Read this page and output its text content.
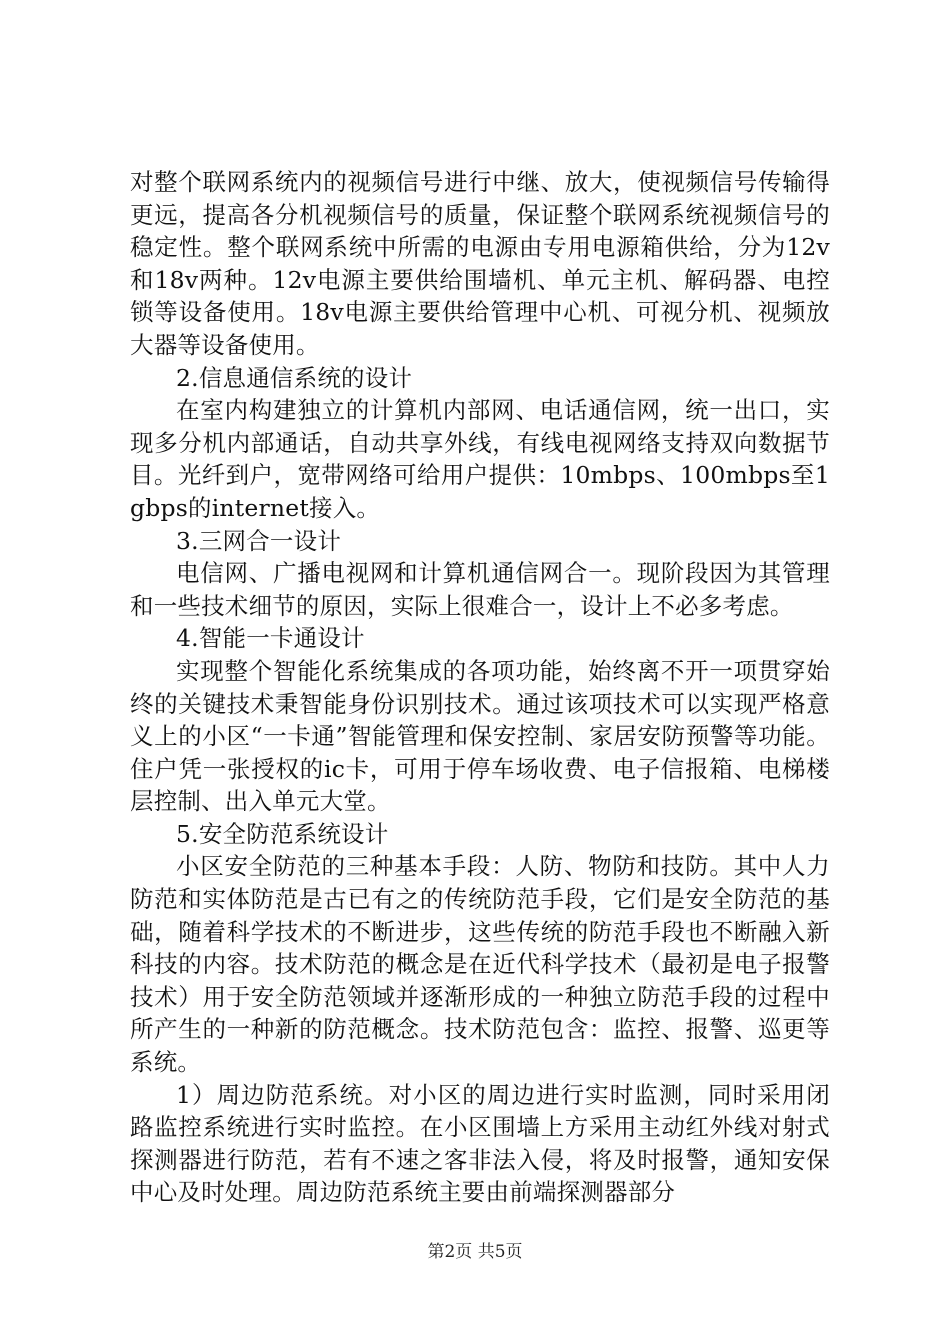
对整个联网系统内的视频信号进行中继、放大，使视频信号传输得更远，提高各分机视频信号的质量，保证整个联网系统视频信号的稳定性。整个联网系统中所需的电源由专用电源箱供给，分为12v和18v两种。12v电源主要供给围墙机、单元主机、解码器、电控锁等设备使用。18v电源主要供给管理中心机、可视分机、视频放大器等设备使用。

2.信息通信系统的设计

在室内构建独立的计算机内部网、电话通信网，统一出口，实现多分机内部通话，自动共享外线，有线电视网络支持双向数据节目。光纤到户，宽带网络可给用户提供：10mbps、100mbps至1gbps的internet接入。

3.三网合一设计

电信网、广播电视网和计算机通信网合一。现阶段因为其管理和一些技术细节的原因，实际上很难合一，设计上不必多考虑。

4.智能一卡通设计

实现整个智能化系统集成的各项功能，始终离不开一项贯穿始终的关键技术秉智能身份识别技术。通过该项技术可以实现严格意义上的小区“一卡通”智能管理和保安控制、家居安防预警等功能。住户凭一张授权的ic卡，可用于停车场收费、电子信报箱、电梯楼层控制、出入单元大堂。

5.安全防范系统设计

小区安全防范的三种基本手段：人防、物防和技防。其中人力防范和实体防范是古已有之的传统防范手段，它们是安全防范的基础，随着科学技术的不断进步，这些传统的防范手段也不断融入新科技的内容。技术防范的概念是在近代科学技术（最初是电子报警技术）用于安全防范领域并逐渐形成的一种独立防范手段的过程中所产生的一种新的防范概念。技术防范包含：监控、报警、巡更等系统。

1）周边防范系统。对小区的周边进行实时监测，同时采用闭路监控系统进行实时监控。在小区围墙上方采用主动红外线对射式探测器进行防范，若有不速之客非法入侵，将及时报警，通知安保中心及时处理。周边防范系统主要由前端探测器部分

第2页 共5页
